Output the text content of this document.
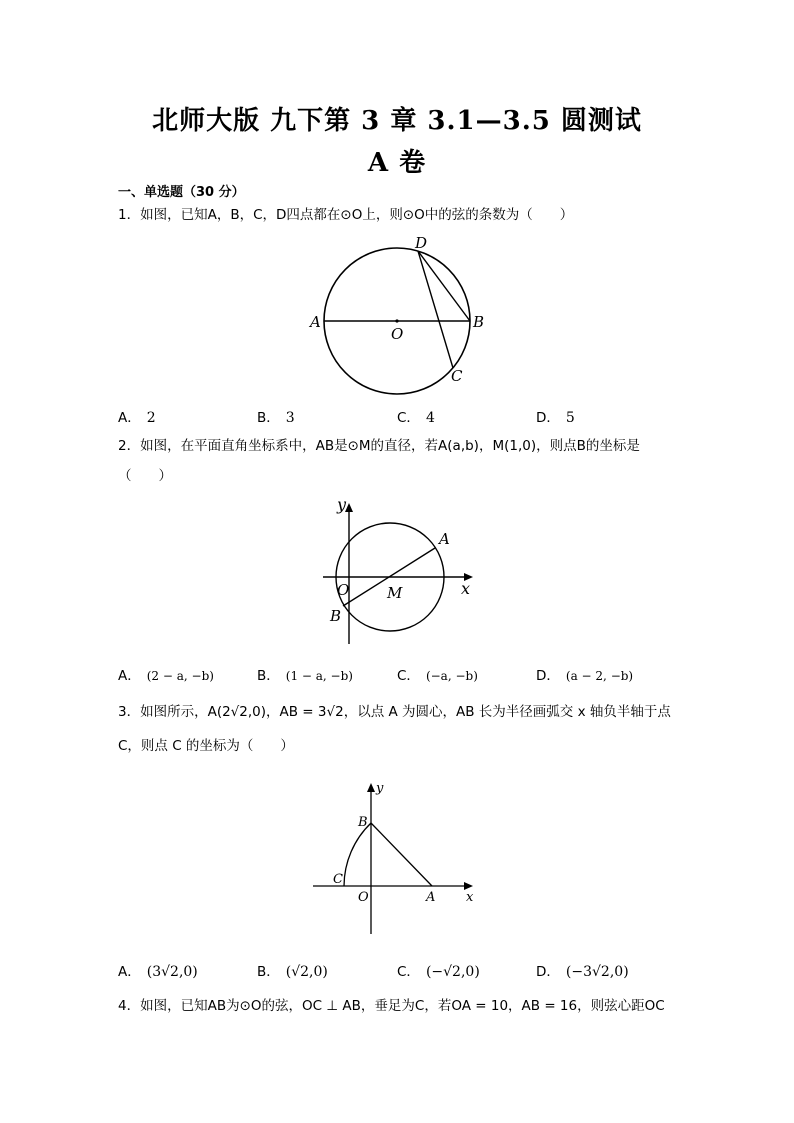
北师大版 九下第 3 章 3.1—3.5 圆测试
A 卷
一、单选题（30 分）
1．如图，已知A，B，C，D四点都在⊙O上，则⊙O中的弦的条数为（　　）
D
A
O
B
C
A． 2	B． 3	C． 4	D． 5
2．如图，在平面直角坐标系中，AB是⊙M的直径，若A(a,b)，M(1,0)，则点B的坐标是
（　　）
y
A
x
O	M
B
A． (2 − a, −b)	B． (1 − a, −b)	C． (−a, −b)	D． (a − 2, −b)
3．如图所示，A(2√2,0)，AB = 3√2，以点 A 为圆心，AB 长为半径画弧交 x 轴负半轴于点
C，则点 C 的坐标为（　　）
y
B
C
O	A x
A． (3√2,0)	B． (√2,0)	C． (−√2,0)	D． (−3√2,0)
4．如图，已知AB为⊙O的弦，OC ⊥ AB，垂足为C，若OA = 10，AB = 16，则弦心距OC
